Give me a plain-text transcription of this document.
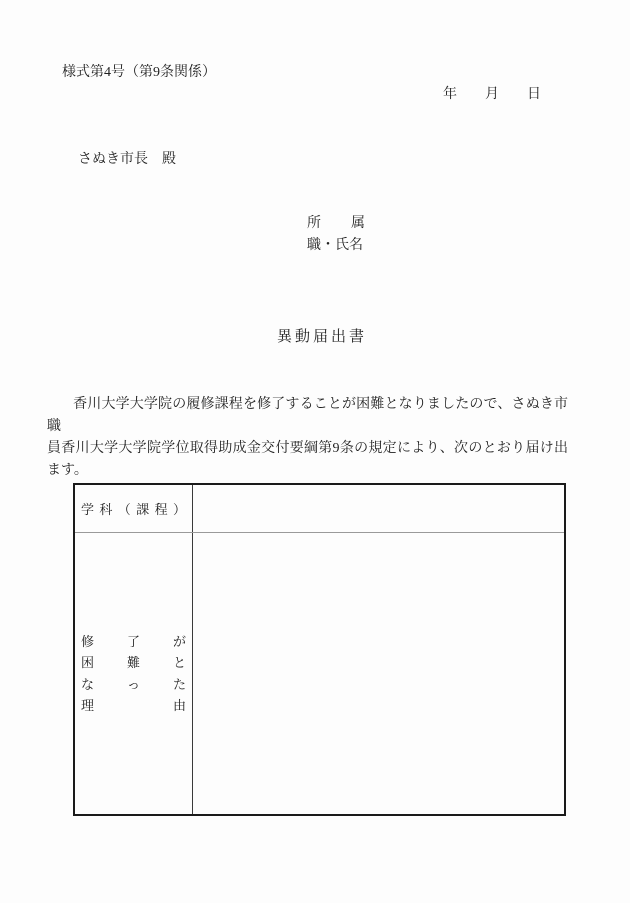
様式第4号（第9条関係）
年　　月　　日
さぬき市長　殿
所属
職・氏名
異動届出書
　香川大学大学院の履修課程を修了することが困難となりましたので、さぬき市職
員香川大学大学院学位取得助成金交付要綱第9条の規定により、次のとおり届け出
ます。
学科（課程）
修了が
困難と
なった
理由
